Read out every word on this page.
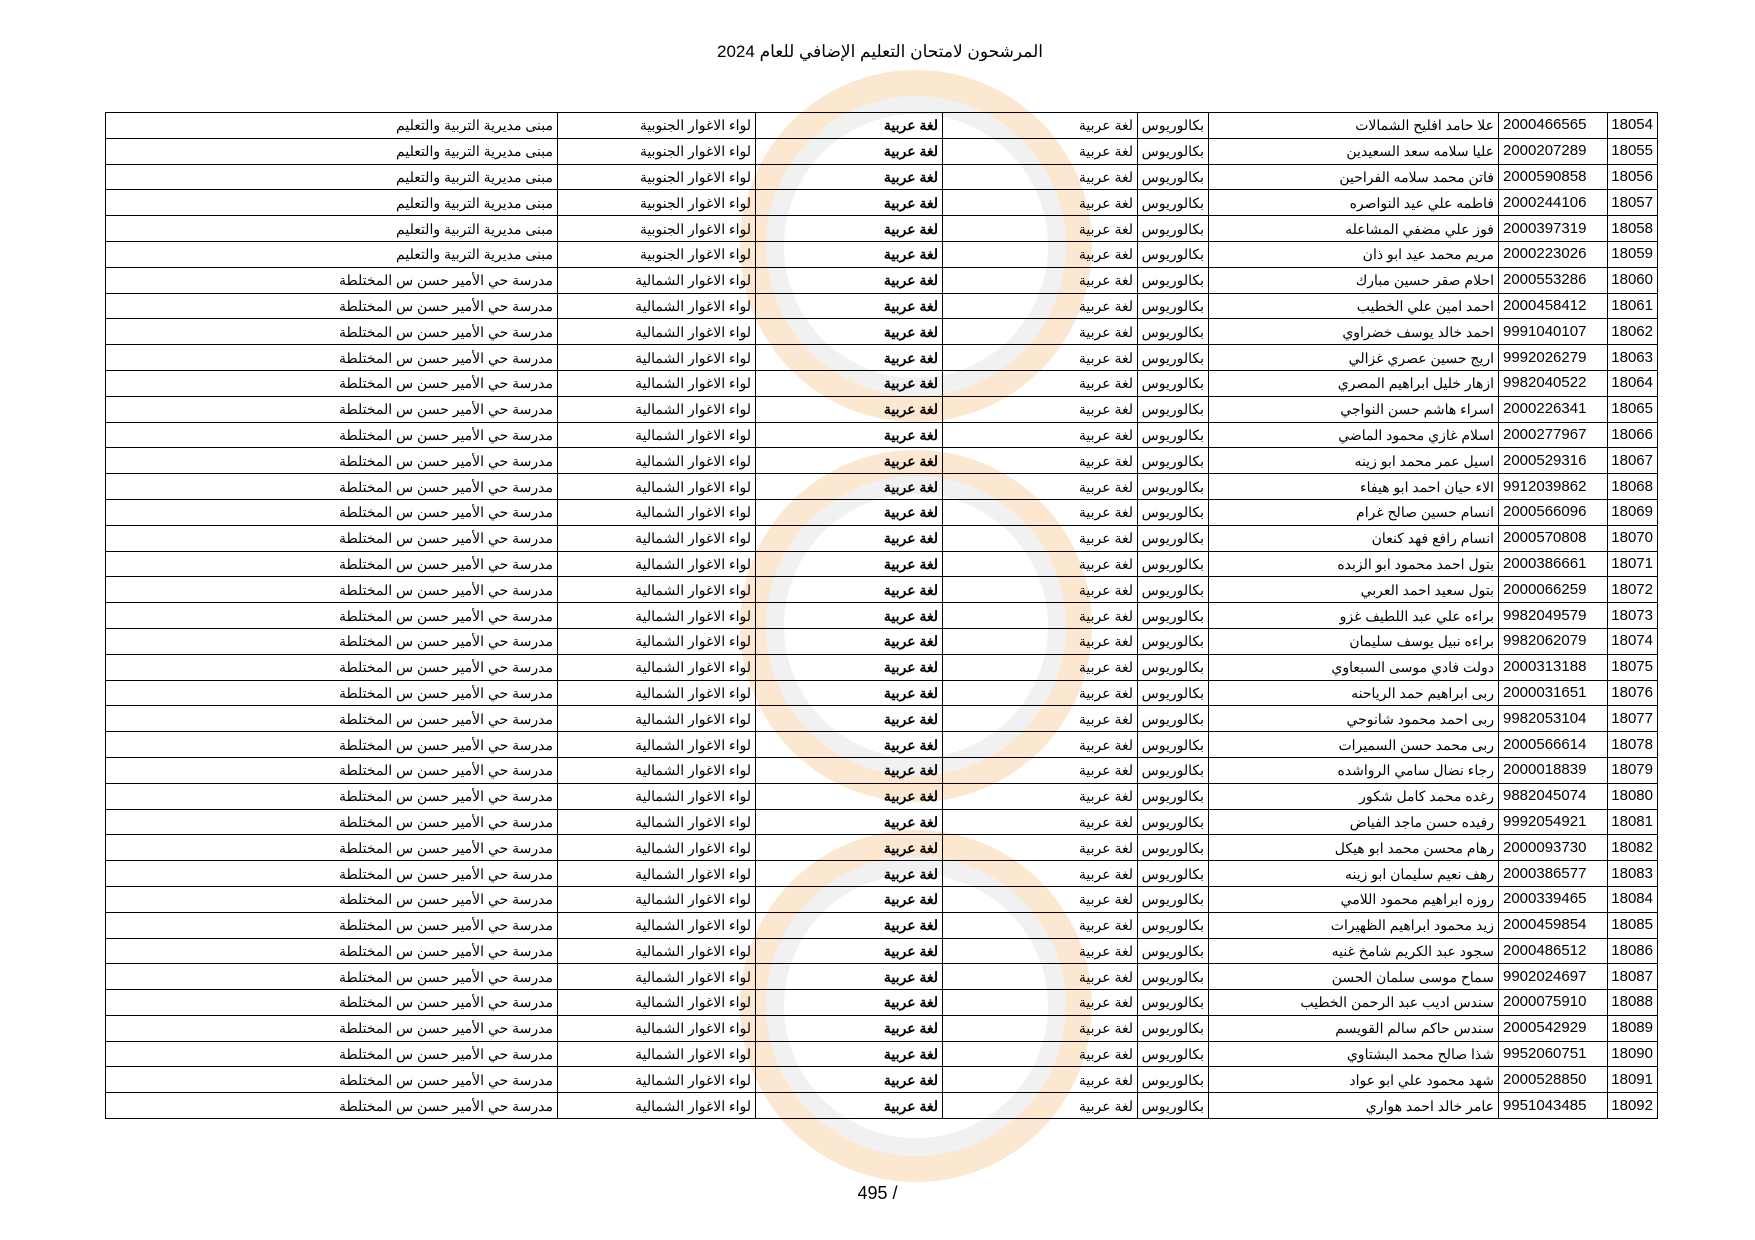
المرشحون لامتحان التعليم الإضافي للعام 2024
18054	2000466565	علا حامد افليح الشمالات	بكالوريوس	لغة عربية	لغة عربية	لواء الاغوار الجنوبية	مبنى مديرية التربية والتعليم
18055	2000207289	عليا سلامه سعد السعيدين	بكالوريوس	لغة عربية	لغة عربية	لواء الاغوار الجنوبية	مبنى مديرية التربية والتعليم
18056	2000590858	فاتن محمد سلامه الفراحين	بكالوريوس	لغة عربية	لغة عربية	لواء الاغوار الجنوبية	مبنى مديرية التربية والتعليم
18057	2000244106	فاطمه علي عيد النواصره	بكالوريوس	لغة عربية	لغة عربية	لواء الاغوار الجنوبية	مبنى مديرية التربية والتعليم
18058	2000397319	فوز علي مضفي المشاعله	بكالوريوس	لغة عربية	لغة عربية	لواء الاغوار الجنوبية	مبنى مديرية التربية والتعليم
18059	2000223026	مريم محمد عيد ابو ذان	بكالوريوس	لغة عربية	لغة عربية	لواء الاغوار الجنوبية	مبنى مديرية التربية والتعليم
18060	2000553286	احلام صقر حسين مبارك	بكالوريوس	لغة عربية	لغة عربية	لواء الاغوار الشمالية	مدرسة حي الأمير حسن س المختلطة
18061	2000458412	احمد امين علي الخطيب	بكالوريوس	لغة عربية	لغة عربية	لواء الاغوار الشمالية	مدرسة حي الأمير حسن س المختلطة
18062	9991040107	احمد خالد يوسف خضراوي	بكالوريوس	لغة عربية	لغة عربية	لواء الاغوار الشمالية	مدرسة حي الأمير حسن س المختلطة
18063	9992026279	اريج حسين عصري غزالي	بكالوريوس	لغة عربية	لغة عربية	لواء الاغوار الشمالية	مدرسة حي الأمير حسن س المختلطة
18064	9982040522	ازهار خليل ابراهيم المصري	بكالوريوس	لغة عربية	لغة عربية	لواء الاغوار الشمالية	مدرسة حي الأمير حسن س المختلطة
18065	2000226341	اسراء هاشم حسن النواجي	بكالوريوس	لغة عربية	لغة عربية	لواء الاغوار الشمالية	مدرسة حي الأمير حسن س المختلطة
18066	2000277967	اسلام غازي محمود الماضي	بكالوريوس	لغة عربية	لغة عربية	لواء الاغوار الشمالية	مدرسة حي الأمير حسن س المختلطة
18067	2000529316	اسيل عمر محمد ابو زينه	بكالوريوس	لغة عربية	لغة عربية	لواء الاغوار الشمالية	مدرسة حي الأمير حسن س المختلطة
18068	9912039862	الاء حيان احمد ابو هيفاء	بكالوريوس	لغة عربية	لغة عربية	لواء الاغوار الشمالية	مدرسة حي الأمير حسن س المختلطة
18069	2000566096	انسام حسين صالح غرام	بكالوريوس	لغة عربية	لغة عربية	لواء الاغوار الشمالية	مدرسة حي الأمير حسن س المختلطة
18070	2000570808	انسام رافع فهد كنعان	بكالوريوس	لغة عربية	لغة عربية	لواء الاغوار الشمالية	مدرسة حي الأمير حسن س المختلطة
18071	2000386661	بتول احمد محمود ابو الزبده	بكالوريوس	لغة عربية	لغة عربية	لواء الاغوار الشمالية	مدرسة حي الأمير حسن س المختلطة
18072	2000066259	بتول سعيد احمد العربي	بكالوريوس	لغة عربية	لغة عربية	لواء الاغوار الشمالية	مدرسة حي الأمير حسن س المختلطة
18073	9982049579	براءه علي عبد اللطيف غزو	بكالوريوس	لغة عربية	لغة عربية	لواء الاغوار الشمالية	مدرسة حي الأمير حسن س المختلطة
18074	9982062079	براءه نبيل يوسف سليمان	بكالوريوس	لغة عربية	لغة عربية	لواء الاغوار الشمالية	مدرسة حي الأمير حسن س المختلطة
18075	2000313188	دولت فادي موسى السبعاوي	بكالوريوس	لغة عربية	لغة عربية	لواء الاغوار الشمالية	مدرسة حي الأمير حسن س المختلطة
18076	2000031651	ربى ابراهيم حمد الرياحنه	بكالوريوس	لغة عربية	لغة عربية	لواء الاغوار الشمالية	مدرسة حي الأمير حسن س المختلطة
18077	9982053104	ربى احمد محمود شانوحي	بكالوريوس	لغة عربية	لغة عربية	لواء الاغوار الشمالية	مدرسة حي الأمير حسن س المختلطة
18078	2000566614	ربى محمد حسن السميرات	بكالوريوس	لغة عربية	لغة عربية	لواء الاغوار الشمالية	مدرسة حي الأمير حسن س المختلطة
18079	2000018839	رجاء نضال سامي الرواشده	بكالوريوس	لغة عربية	لغة عربية	لواء الاغوار الشمالية	مدرسة حي الأمير حسن س المختلطة
18080	9882045074	رغده محمد كامل شكور	بكالوريوس	لغة عربية	لغة عربية	لواء الاغوار الشمالية	مدرسة حي الأمير حسن س المختلطة
18081	9992054921	رفيده حسن ماجد الفياض	بكالوريوس	لغة عربية	لغة عربية	لواء الاغوار الشمالية	مدرسة حي الأمير حسن س المختلطة
18082	2000093730	رهام محسن محمد ابو هيكل	بكالوريوس	لغة عربية	لغة عربية	لواء الاغوار الشمالية	مدرسة حي الأمير حسن س المختلطة
18083	2000386577	رهف نعيم سليمان ابو زينه	بكالوريوس	لغة عربية	لغة عربية	لواء الاغوار الشمالية	مدرسة حي الأمير حسن س المختلطة
18084	2000339465	روزه ابراهيم محمود اللامي	بكالوريوس	لغة عربية	لغة عربية	لواء الاغوار الشمالية	مدرسة حي الأمير حسن س المختلطة
18085	2000459854	زيد محمود ابراهيم الظهيرات	بكالوريوس	لغة عربية	لغة عربية	لواء الاغوار الشمالية	مدرسة حي الأمير حسن س المختلطة
18086	2000486512	سجود عبد الكريم شامخ غنيه	بكالوريوس	لغة عربية	لغة عربية	لواء الاغوار الشمالية	مدرسة حي الأمير حسن س المختلطة
18087	9902024697	سماح موسى سلمان الحسن	بكالوريوس	لغة عربية	لغة عربية	لواء الاغوار الشمالية	مدرسة حي الأمير حسن س المختلطة
18088	2000075910	سندس اديب عبد الرحمن الخطيب	بكالوريوس	لغة عربية	لغة عربية	لواء الاغوار الشمالية	مدرسة حي الأمير حسن س المختلطة
18089	2000542929	سندس حاكم سالم القويسم	بكالوريوس	لغة عربية	لغة عربية	لواء الاغوار الشمالية	مدرسة حي الأمير حسن س المختلطة
18090	9952060751	شذا صالح محمد البشتاوي	بكالوريوس	لغة عربية	لغة عربية	لواء الاغوار الشمالية	مدرسة حي الأمير حسن س المختلطة
18091	2000528850	شهد محمود علي ابو عواد	بكالوريوس	لغة عربية	لغة عربية	لواء الاغوار الشمالية	مدرسة حي الأمير حسن س المختلطة
18092	9951043485	عامر خالد احمد هواري	بكالوريوس	لغة عربية	لغة عربية	لواء الاغوار الشمالية	مدرسة حي الأمير حسن س المختلطة
495 /
